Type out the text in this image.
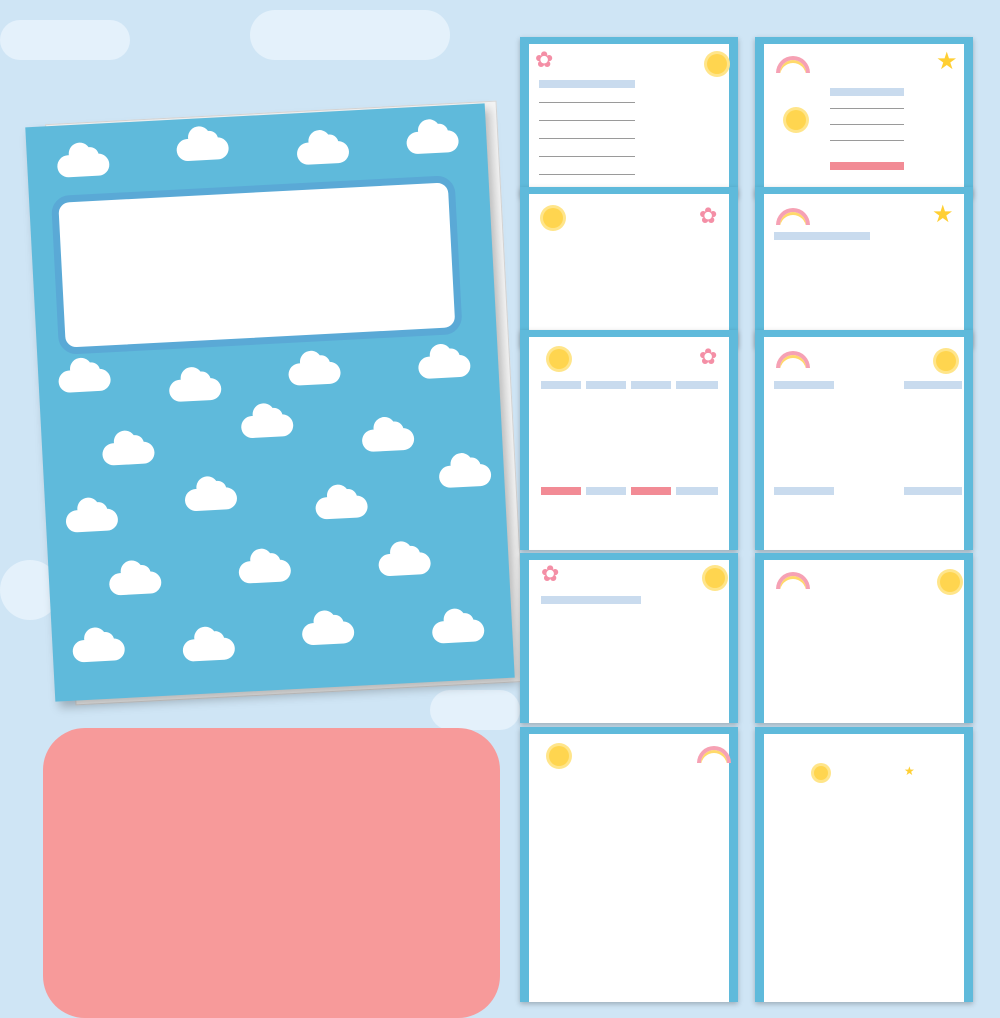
✿	★
✿	★
✿
✿
★
